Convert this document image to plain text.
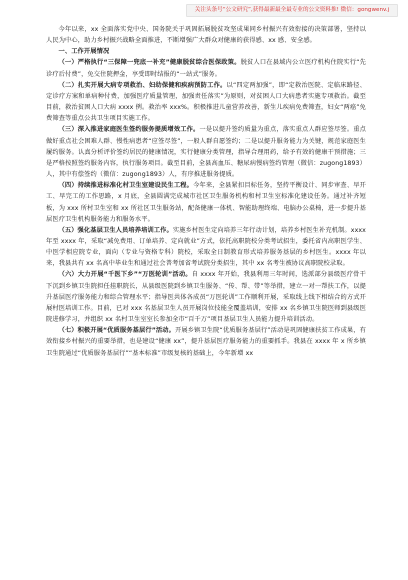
关注头条号“公文研究”,获得最新最全最专业的公文资料推! 微信：gongwenv.j

今年以来，xx 全面落实党中央、国务院关于巩固拓展脱贫攻坚成果同乡村振兴有效衔接的决策部署，坚持以人民为中心，助力乡村振兴战略全面推进，不断增强广大群众对健康的获得感、xx 感、安全感。

一、工作开展情况

（一）严格执行“三保障一兜底一补充”健康脱贫综合医保政策。脱贫人口在县域内公立医疗机构住院实行“先诊疗后付费”，免交住院押金，享受即时结报的“一站式”服务。

（二）扎实开展大病专项救治、妇幼保健和疾病预防工作。以“四定两加强”，即“定救治医院、定临床路径、定诊疗方案和单病种付费，加强医疗质量管理，加强责任落实”为原则，对贫困人口大病患者实施专项救治。截至目前，救治贫困人口大病 xxxx 例。救治率 xxx%。积极推进儿童营养改善，新生儿疾病免费筛查，妇女“两癌”免费筛查等重点公共卫生项目实施工作。

（三）深入推进家庭医生签约服务提质增效工作。一是以提升签约质量为重点，落实重点人群应签尽签。重点做好重点社会困难人群、慢性病患者“应签尽签”，一般人群自愿签约；二是以提升服务能力为关键，规范家庭医生履约服务。认真分析评价签约居民的健康情况，实行健康分类管理，指导合理用药，给予有效的健康干预措施；三是严格按照签约服务内容，执行服务项目。截至目前，全县高血压、糖尿病慢病签约管理（微信：zugong1893）人，其中有偿签约（微信：zugong1893）人，有序推进服务提质。

（四）持续推进标准化村卫生室建设民生工程。今年来，全县紧扣目标任务，坚持平衡设计、同步审查、早开工、早完工的工作思路，x 月底，全县圆满完成城市社区卫生服务机构和村卫生室标准化建设任务。通过补齐短板，为 xxx 所村卫生室和 xx 所社区卫生服务站，配备健康一体机、智能助理终端、电脑办公桌椅，进一步提升基层医疗卫生机构服务能力和服务水平。

（五）强化基层卫生人员培养培训工作。实施乡村医生定向培养三年行动计划，培养乡村医生补充机制。xxxx 年至 xxxx 年，采取“减免费用、订单培养、定向就业”方式，依托高职院校分类考试招生，委托省内高职医学生、中医学相应院专业，面向（专业与资格专科）院校，采取全日制教育形式培养服务基层的乡村医生。xxxx 年以来，我县共有 xx 名高中毕业生和通过社会普考加省考试院分类招生，其中 xx 名考生被协议高职院校录取。

（六）大力开展“千医下乡”“万医轮训”活动。自 xxxx 年开始，我县利用三年时间，选派部分县级医疗骨干下沉到乡镇卫生院担任挂职院长，从县级医院到乡镇卫生服务、“传、帮、带”等举措，建立一对一帮扶工作，以提升基层医疗服务能力和综合管理水平；指导医共体各成员“万医轮训”工作顺利开展，采取线上线下相结合的方式开展村医培训工作。目前，已对 xxx 名基层卫生人员开展岗位技能全覆盖培训，安排 xx 名乡镇卫生院医师到县级医院进修学习，并组织 xx 名村卫生室室长参加全市“百千万”项目基层卫生人员能力提升培训活动。

（七）积极开展“优质服务基层行”活动。开展乡镇卫生院“优质服务基层行”活动是巩固健康扶贫工作成果，有效衔接乡村振兴的重要举措，也是建设“健康 xx”，提升基层医疗服务能力的重要抓手。我县在 xxxx 年 x 所乡镇卫生院通过“优质服务基层行”“基本标准”市级复核的基础上，今年新增 xx
